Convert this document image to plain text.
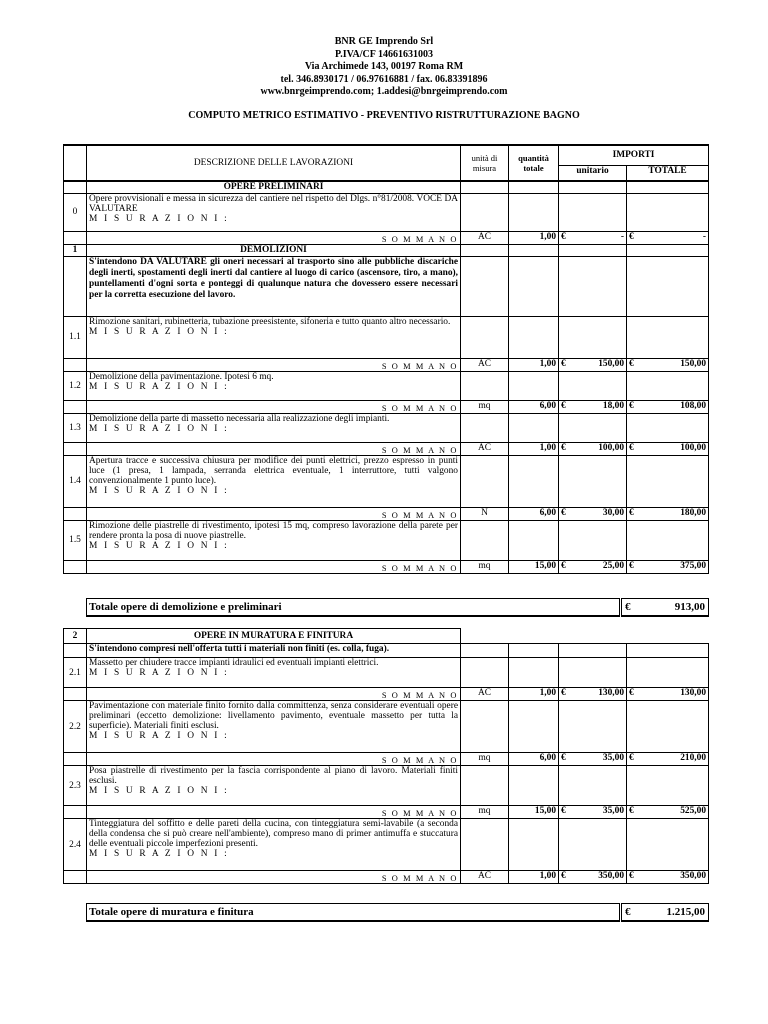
BNR GE Imprendo Srl
P.IVA/CF 14661631003
Via Archimede 143, 00197 Roma RM
tel. 346.8930171 / 06.97616881 / fax. 06.83391896
www.bnrgeimprendo.com; 1.addesi@bnrgeimprendo.com
COMPUTO METRICO ESTIMATIVO - PREVENTIVO RISTRUTTURAZIONE BAGNO
	DESCRIZIONE DELLE LAVORAZIONI	unità di misura	quantità totale	IMPORTI	
				unitario	TOTALE
	OPERE PRELIMINARI				
0	Opere provvisionali e messa in sicurezza del cantiere nel rispetto del Dlgs. n°81/2008. VOCE DA VALUTARE
M I S U R A Z I O N I :				

	S O M M A N O	AC	1,00	€ -	€ -

1	DEMOLIZIONI				
	S'intendono DA VALUTARE gli oneri necessari al trasporto sino alle pubbliche discariche degli inerti, spostamenti degli inerti dal cantiere al luogo di carico (ascensore, tiro, a mano), puntellamenti d'ogni sorta e ponteggi di qualunque natura che dovessero essere necessari per la corretta esecuzione del lavoro.				
1.1	Rimozione sanitari, rubinetteria, tubazione preesistente, sifoneria e tutto quanto altro necessario.
M I S U R A Z I O N I :				

	S O M M A N O	AC	1,00	€ 150,00	€ 150,00

1.2	Demolizione della pavimentazione. Ipotesi 6 mq.
M I S U R A Z I O N I :				

	S O M M A N O	mq	6,00	€ 18,00	€ 108,00

1.3	Demolizione della parte di massetto necessaria alla realizzazione degli impianti.
M I S U R A Z I O N I :				

	S O M M A N O	AC	1,00	€ 100,00	€ 100,00

1.4	Apertura tracce e successiva chiusura per modifice dei punti elettrici, prezzo espresso in punti luce (1 presa, 1 lampada, serranda elettrica eventuale, 1 interruttore, tutti valgono convenzionalmente 1 punto luce).
M I S U R A Z I O N I :				

	S O M M A N O	N	6,00	€ 30,00	€ 180,00

1.5	Rimozione delle piastrelle di rivestimento, ipotesi 15 mq, compreso lavorazione della parete per rendere pronta la posa di nuove piastrelle.
M I S U R A Z I O N I :				

	S O M M A N O	mq	15,00	€ 25,00	€ 375,00
Totale opere di demolizione e preliminari	€	913,00
2	OPERE IN MURATURA E FINITURA				
	S'intendono compresi nell'offerta tutti i materiali non finiti (es. colla, fuga).				
2.1	Massetto per chiudere tracce impianti idraulici ed eventuali impianti elettrici.
M I S U R A Z I O N I :				

	S O M M A N O	AC	1,00	€ 130,00	€ 130,00

2.2	Pavimentazione con materiale finito fornito dalla committenza, senza considerare eventuali opere preliminari (eccetto demolizione: livellamento pavimento, eventuale massetto per tutta la superficie). Materiali finiti esclusi.
M I S U R A Z I O N I :				

	S O M M A N O	mq	6,00	€ 35,00	€ 210,00

2.3	Posa piastrelle di rivestimento per la fascia corrispondente al piano di lavoro. Materiali finiti esclusi.
M I S U R A Z I O N I :				

	S O M M A N O	mq	15,00	€ 35,00	€ 525,00

2.4	Tinteggiatura del soffitto e delle pareti della cucina, con tinteggiatura semi-lavabile (a seconda della condensa che si può creare nell'ambiente), compreso mano di primer antimuffa e stuccatura delle eventuali piccole imperfezioni presenti.
M I S U R A Z I O N I :				

	S O M M A N O	AC	1,00	€ 350,00	€ 350,00
Totale opere di muratura e finitura	€	1.215,00
